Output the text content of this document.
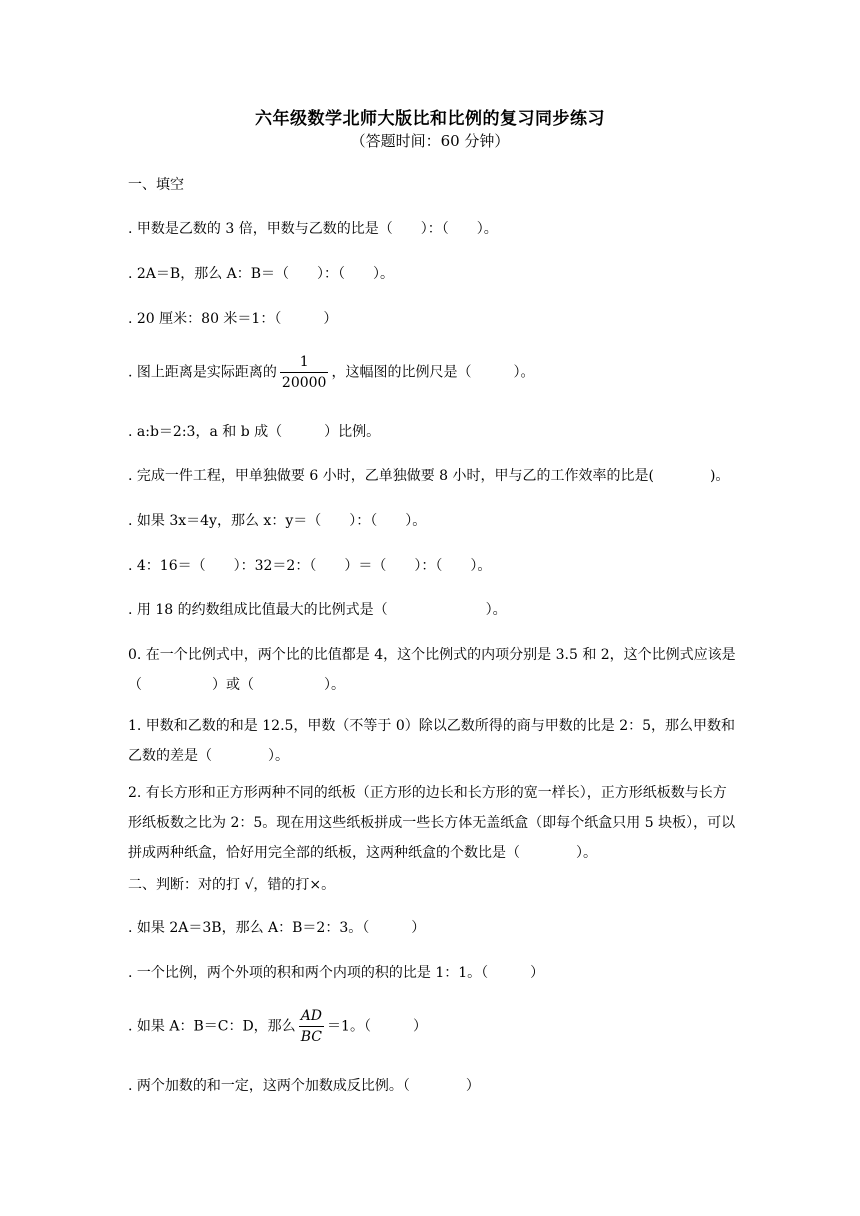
六年级数学北师大版比和比例的复习同步练习
（答题时间：60 分钟）
一、填空
. 甲数是乙数的 3 倍，甲数与乙数的比是（　　）：（　　）。
. 2A＝B，那么 A：B＝（　　）：（　　）。
. 20 厘米：80 米＝1：（　　　）
. 图上距离是实际距离的 $\frac{1}{20000}$ ，这幅图的比例尺是（　　　）。
. a:b＝2:3，a 和 b 成（　　　）比例。
. 完成一件工程，甲单独做要 6 小时，乙单独做要 8 小时，甲与乙的工作效率的比是(　　　　)。
. 如果 3x＝4y，那么 x：y＝（　　）：（　　）。
. 4：16＝（　　）：32＝2：（　　）＝（　　）：（　　）。
. 用 18 的约数组成比值最大的比例式是（　　　　　　　）。
0. 在一个比例式中，两个比的比值都是 4，这个比例式的内项分别是 3.5 和 2，这个比例式应该是（　　　　　）或（　　　　　）。
1. 甲数和乙数的和是 12.5，甲数（不等于 0）除以乙数所得的商与甲数的比是 2：5，那么甲数和乙数的差是（　　　　）。
2. 有长方形和正方形两种不同的纸板（正方形的边长和长方形的宽一样长），正方形纸板数与长方形纸板数之比为 2：5。现在用这些纸板拼成一些长方体无盖纸盒（即每个纸盒只用 5 块板），可以拼成两种纸盒，恰好用完全部的纸板，这两种纸盒的个数比是（　　　　）。
二、判断：对的打 √，错的打×。
. 如果 2A＝3B，那么 A：B＝2：3。（　　　）
. 一个比例，两个外项的积和两个内项的积的比是 1：1。（　　　）
. 如果 A：B＝C：D，那么 $\frac{AD}{BC} =1$。（　　　）
. 两个加数的和一定，这两个加数成反比例。（　　　　）
